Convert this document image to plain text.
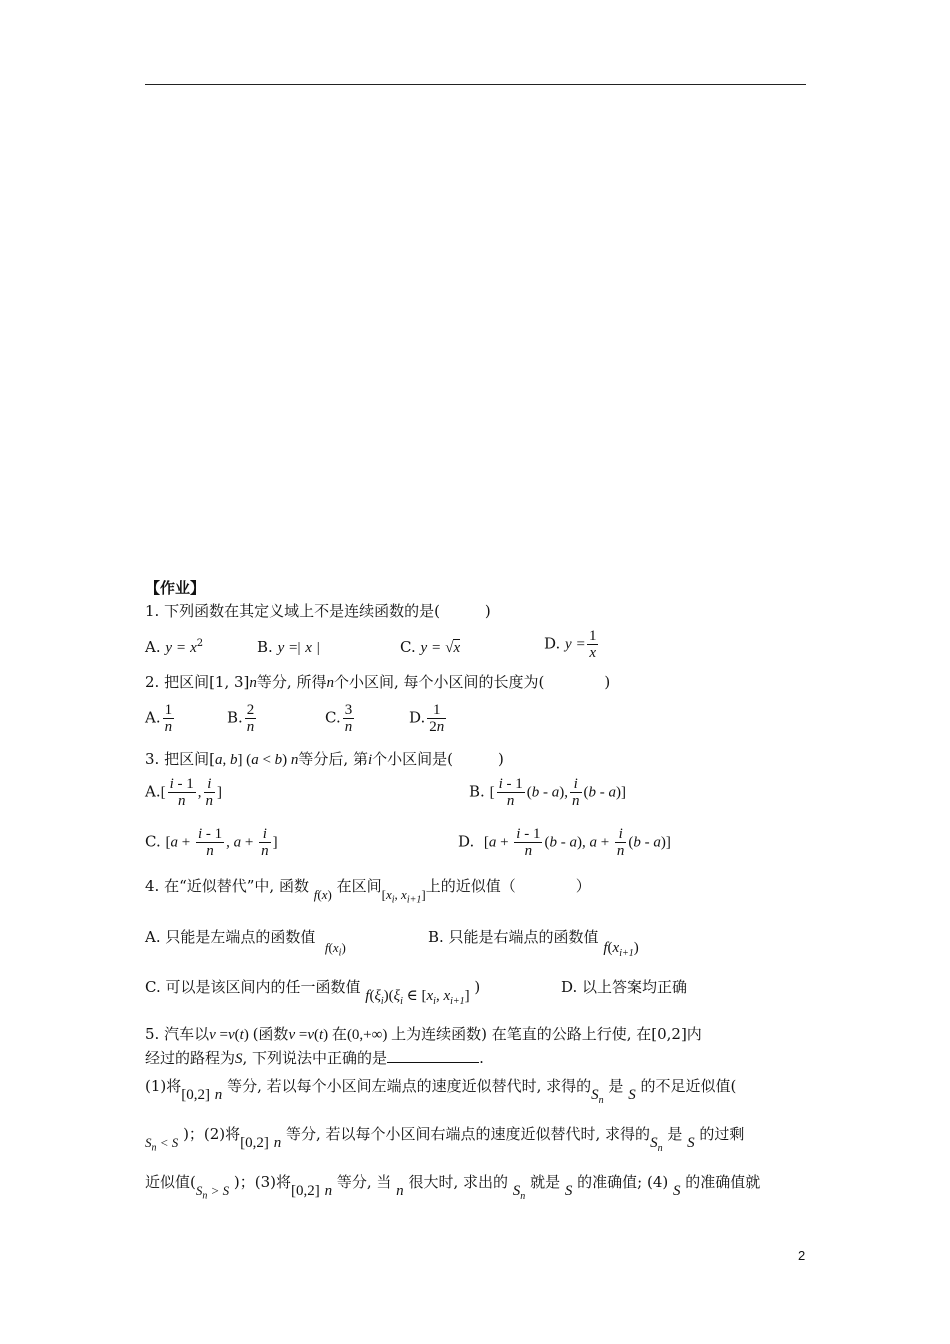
【作业】
1. 下列函数在其定义域上不是连续函数的是(　　　)
A. $y = x^2$	B. y =| x |	C. y = √x	D. $y = \frac{1}{x}$
2. 把区间[1, 3]n等分, 所得n个小区间, 每个小区间的长度为(　　　　)
A. $\frac{1}{n}$	B. $\frac{2}{n}$	C. $\frac{3}{n}$	D. $\frac{1}{2n}$
3. 把区间[a, b] (a < b) n等分后, 第i个小区间是(　　　)
$A.[ \frac{i - 1}{n}$ , $\frac{i}{n}$ ]	B. [ $\frac{i - 1}{n} (b - a)$, $\frac{i}{n} (b - a)$]
C. [$a + \frac{i - 1}{n}$ , $a + \frac{i}{n}$ ]	D. [$a + \frac{i - 1}{n} (b - a)$, $a + \frac{i}{n} (b - a)$]
4. 在“近似替代”中, 函数 f(x) 在区间[$x_i$, $x_{i+1}$]上的近似值（　　　　）
A. 只能是左端点的函数值  $f(x_i)$
B. 只能是右端点的函数值 $f(x_{i+1})$
C. 可以是该区间内的任一函数值 $f(\xi_i)(\xi_i$ ∈ [$x_i$, $x_{i+1}$] )	D. 以上答案均正确
5. 汽车以v =v(t) (函数v =v(t) 在(0,+∞) 上为连续函数) 在笔直的公路上行使, 在[0,2]内
经过的路程为S, 下列说法中正确的是	.
(1)将[0,2] n 等分, 若以每个小区间左端点的速度近似替代时, 求得的$S_n$ 是 S 的不足近似值(
$S_n < S$ )；(2)将[0,2] n 等分, 若以每个小区间右端点的速度近似替代时, 求得的$S_n$ 是 S 的过剩
近似值($S_n > S$ )；(3)将[0,2] n 等分, 当 n 很大时, 求出的 $S_n$ 就是 S 的准确值; (4) S 的准确值就
2
